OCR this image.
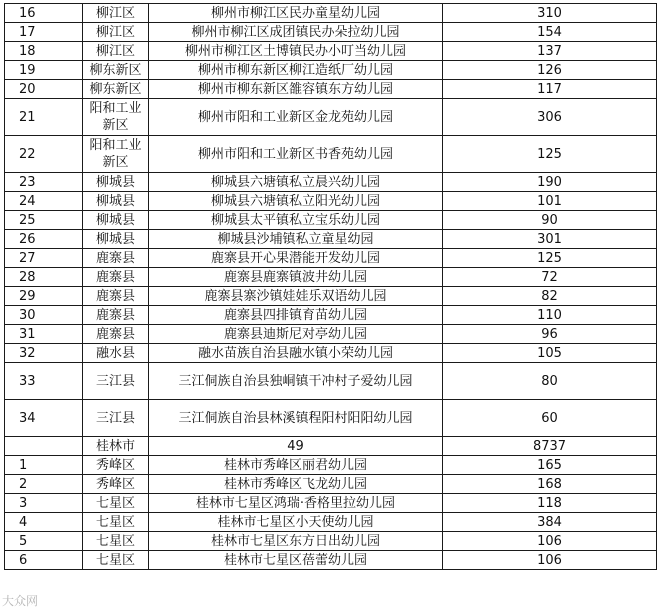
16	柳江区	柳州市柳江区民办童星幼儿园	310
17	柳江区	柳州市柳江区成团镇民办朵拉幼儿园	154
18	柳江区	柳州市柳江区土博镇民办小叮当幼儿园	137
19	柳东新区	柳州市柳东新区柳江造纸厂幼儿园	126
20	柳东新区	柳州市柳东新区雒容镇东方幼儿园	117
21	阳和工业新区	柳州市阳和工业新区金龙苑幼儿园	306
22	阳和工业新区	柳州市阳和工业新区书香苑幼儿园	125
23	柳城县	柳城县六塘镇私立晨兴幼儿园	190
24	柳城县	柳城县六塘镇私立阳光幼儿园	101
25	柳城县	柳城县太平镇私立宝乐幼儿园	90
26	柳城县	柳城县沙埔镇私立童星幼园	301
27	鹿寨县	鹿寨县开心果潜能开发幼儿园	125
28	鹿寨县	鹿寨县鹿寨镇波井幼儿园	72
29	鹿寨县	鹿寨县寨沙镇娃娃乐双语幼儿园	82
30	鹿寨县	鹿寨县四排镇育苗幼儿园	110
31	鹿寨县	鹿寨县迪斯尼对亭幼儿园	96
32	融水县	融水苗族自治县融水镇小荣幼儿园	105
33	三江县	三江侗族自治县独峒镇干冲村子爱幼儿园	80
34	三江县	三江侗族自治县林溪镇程阳村阳阳幼儿园	60
	桂林市	49	8737
1	秀峰区	桂林市秀峰区丽君幼儿园	165
2	秀峰区	桂林市秀峰区飞龙幼儿园	168
3	七星区	桂林市七星区鸿瑞·香格里拉幼儿园	118
4	七星区	桂林市七星区小天使幼儿园	384
5	七星区	桂林市七星区东方日出幼儿园	106
6	七星区	桂林市七星区蓓蕾幼儿园	106
大众网
